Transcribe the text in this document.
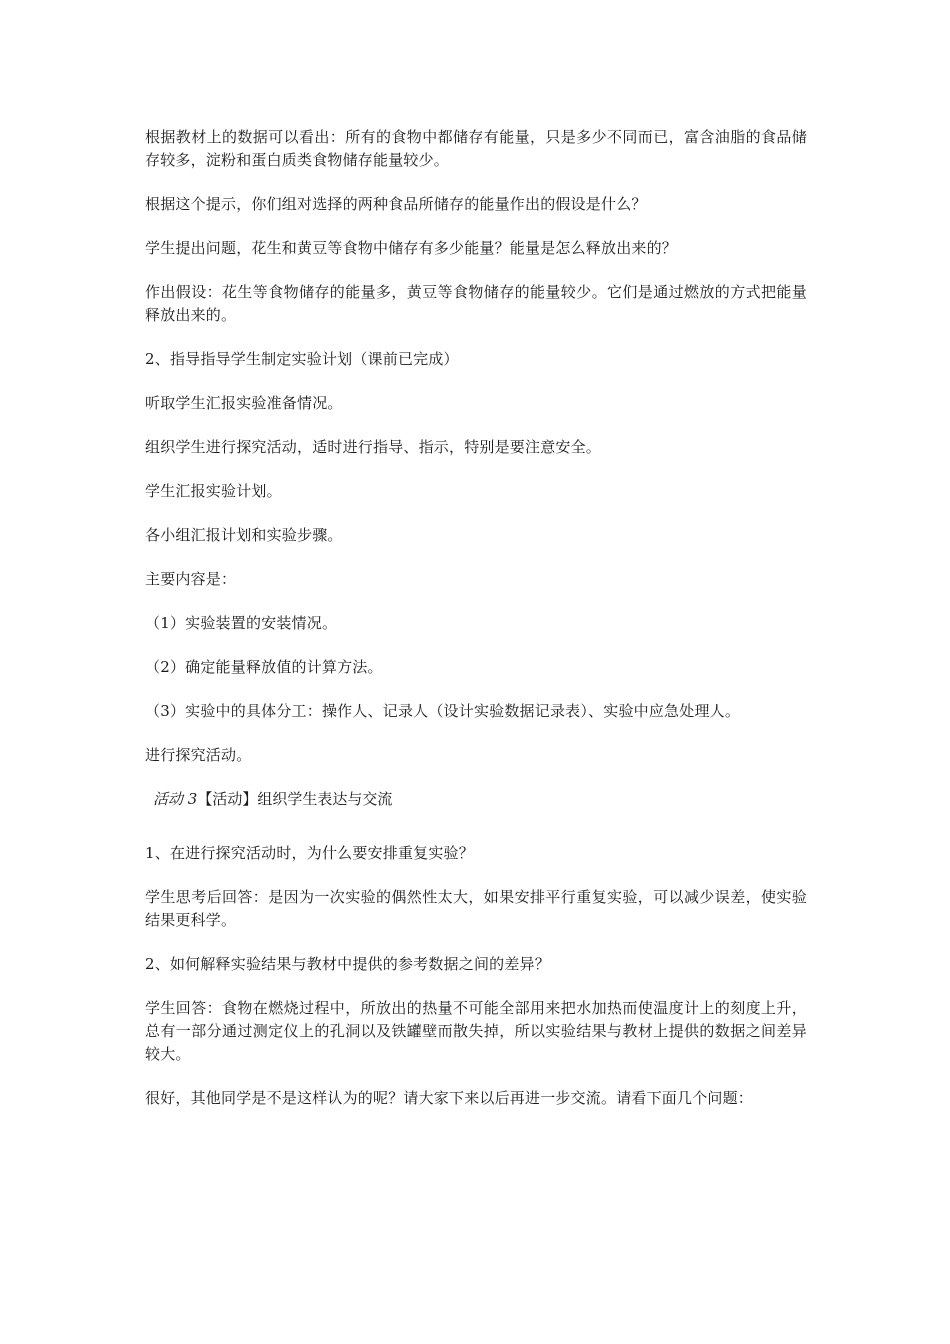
根据教材上的数据可以看出：所有的食物中都储存有能量，只是多少不同而已，富含油脂的食品储存较多，淀粉和蛋白质类食物储存能量较少。

根据这个提示，你们组对选择的两种食品所储存的能量作出的假设是什么？

学生提出问题，花生和黄豆等食物中储存有多少能量？能量是怎么释放出来的？

作出假设：花生等食物储存的能量多，黄豆等食物储存的能量较少。它们是通过燃放的方式把能量释放出来的。

2、指导指导学生制定实验计划（课前已完成）

听取学生汇报实验准备情况。

组织学生进行探究活动，适时进行指导、指示，特别是要注意安全。

学生汇报实验计划。

各小组汇报计划和实验步骤。

主要内容是：

（1）实验装置的安装情况。

（2）确定能量释放值的计算方法。

（3）实验中的具体分工：操作人、记录人（设计实验数据记录表）、实验中应急处理人。

进行探究活动。

活动 3【活动】组织学生表达与交流

1、在进行探究活动时，为什么要安排重复实验？

学生思考后回答：是因为一次实验的偶然性太大，如果安排平行重复实验，可以减少误差，使实验结果更科学。

2、如何解释实验结果与教材中提供的参考数据之间的差异？

学生回答：食物在燃烧过程中，所放出的热量不可能全部用来把水加热而使温度计上的刻度上升，总有一部分通过测定仪上的孔洞以及铁罐壁而散失掉，所以实验结果与教材上提供的数据之间差异较大。

很好，其他同学是不是这样认为的呢？请大家下来以后再进一步交流。请看下面几个问题：
